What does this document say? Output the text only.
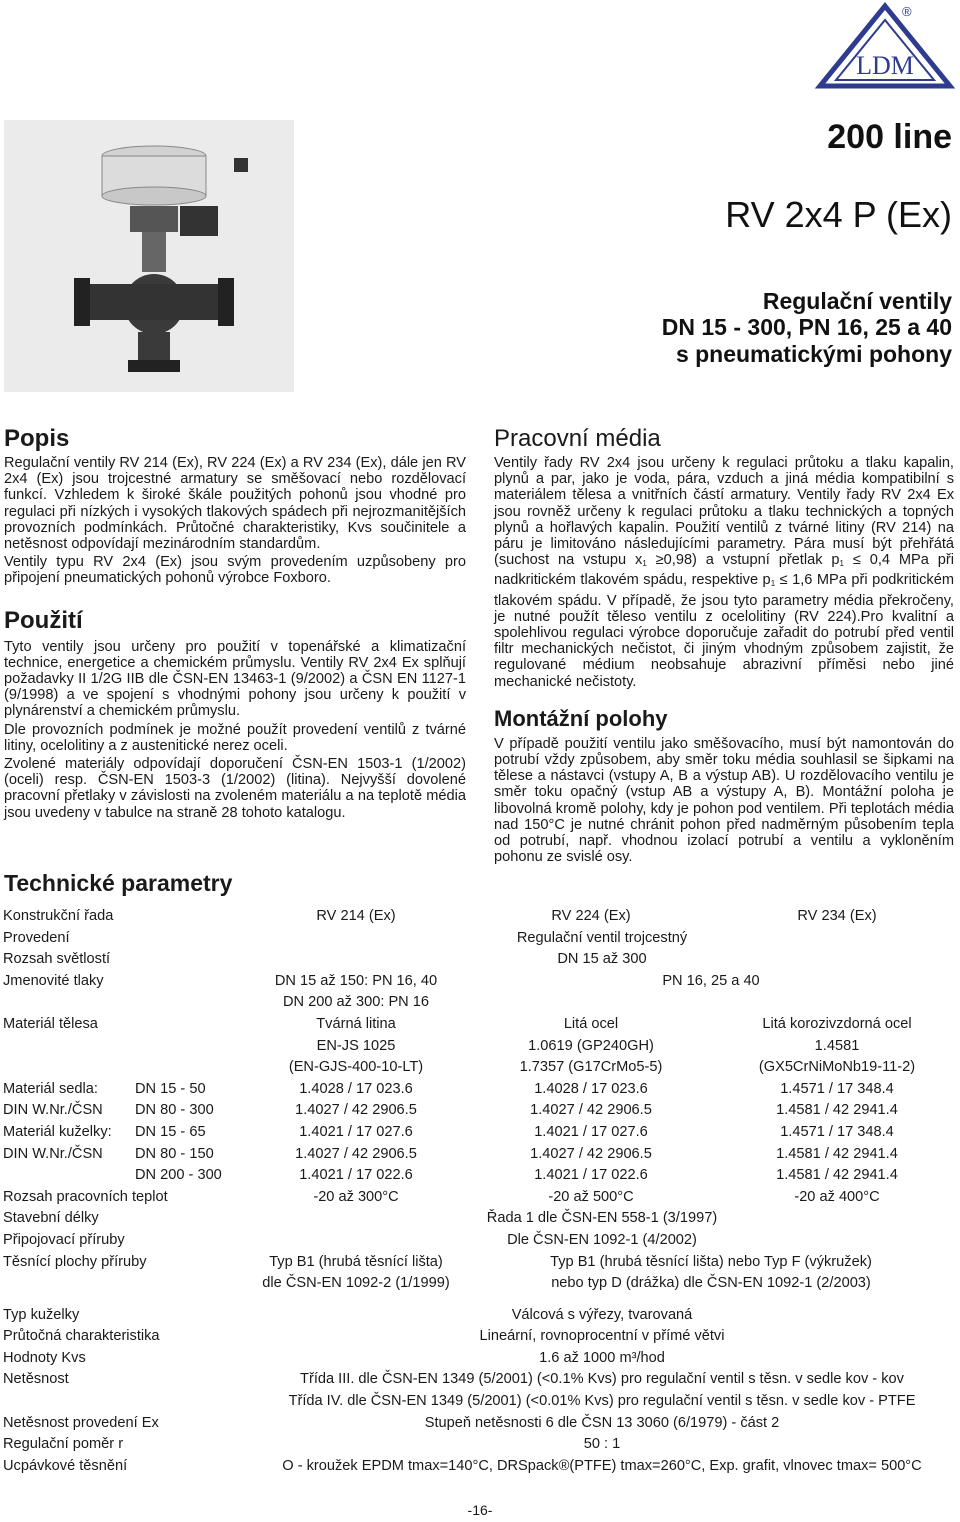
LDM
®
200 line
RV 2x4 P (Ex)
Regulační ventily
DN 15 - 300, PN 16, 25 a 40
s pneumatickými pohony
Popis

Regulační ventily RV 214 (Ex), RV 224 (Ex) a RV 234 (Ex), dále jen RV 2x4 (Ex) jsou trojcestné armatury se směšovací nebo rozdělovací funkcí. Vzhledem k široké škále použitých pohonů jsou vhodné pro regulaci při nízkých i vysokých tlakových spádech při nejrozmanitějších provozních podmínkách. Průtočné charakteristiky, Kvs součinitele a netěsnost odpovídají mezinárodním standardům.

Ventily typu RV 2x4 (Ex) jsou svým provedením uzpůsobeny pro připojení pneumatických pohonů výrobce Foxboro.

Použití

Tyto ventily jsou určeny pro použití v topenářské a klimatizační technice, energetice a chemickém průmyslu. Ventily RV 2x4 Ex splňují požadavky II 1/2G IIB dle ČSN-EN 13463-1 (9/2002) a ČSN EN 1127-1 (9/1998) a ve spojení s vhodnými pohony jsou určeny k použití v plynárenství a chemickém průmyslu.

Dle provozních podmínek je možné použít provedení ventilů z tvárné litiny, ocelolitiny a z austenitické nerez oceli.

Zvolené materiály odpovídají doporučení ČSN-EN 1503-1 (1/2002) (oceli) resp. ČSN-EN 1503-3 (1/2002) (litina). Nejvyšší dovolené pracovní přetlaky v závislosti na zvoleném materiálu a na teplotě média jsou uvedeny v tabulce na straně 28 tohoto katalogu.

Pracovní média

Ventily řady RV 2x4 jsou určeny k regulaci průtoku a tlaku kapalin, plynů a par, jako je voda, pára, vzduch a jiná média kompatibilní s materiálem tělesa a vnitřních částí armatury. Ventily řady RV 2x4 Ex jsou rovněž určeny k regulaci průtoku a tlaku technických a topných plynů a hořlavých kapalin. Použití ventilů z tvárné litiny (RV 214) na páru je limitováno následujícími parametry. Pára musí být přehřátá (suchost na vstupu $x_1 \ge 0,98$) a vstupní přetlak $p_1 \le 0,4$ MPa při nadkritickém tlakovém spádu, respektive $p_1 \le 1,6$ MPa při podkritickém tlakovém spádu. V případě, že jsou tyto parametry média překročeny, je nutné použít těleso ventilu z ocelolitiny (RV 224).Pro kvalitní a spolehlivou regulaci výrobce doporučuje zařadit do potrubí před ventil filtr mechanických nečistot, či jiným vhodným způsobem zajistit, že regulované médium neobsahuje abrazivní příměsi nebo jiné mechanické nečistoty.

Montážní polohy

V případě použití ventilu jako směšovacího, musí být namontován do potrubí vždy způsobem, aby směr toku média souhlasil se šipkami na tělese a nástavci (vstupy A, B a výstup AB). U rozdělovacího ventilu je směr toku opačný (vstup AB a výstupy A, B). Montážní poloha je libovolná kromě polohy, kdy je pohon pod ventilem. Při teplotách média nad 150°C je nutné chránit pohon před nadměrným působením tepla od potrubí, např. vhodnou izolací potrubí a ventilu a vykloněním pohonu ze svislé osy.

Technické parametry
Konstrukční řada		RV 214 (Ex)	RV 224 (Ex)	RV 234 (Ex)
Provedení		Regulační ventil trojcestný		
Rozsah světlostí		DN 15 až 300		
Jmenovité tlaky		DN 15 až 150: PN 16, 40	PN 16, 25 a 40	
		DN 200 až 300: PN 16		
Materiál tělesa		Tvárná litina	Litá ocel	Litá korozivzdorná ocel
		EN-JS 1025	1.0619 (GP240GH)	1.4581
		(EN-GJS-400-10-LT)	1.7357 (G17CrMo5-5)	(GX5CrNiMoNb19-11-2)
Materiál sedla:	DN 15 - 50	1.4028 / 17 023.6	1.4028 / 17 023.6	1.4571 / 17 348.4
DIN W.Nr./ČSN	DN 80 - 300	1.4027 / 42 2906.5	1.4027 / 42 2906.5	1.4581 / 42 2941.4
Materiál kuželky:	DN 15 - 65	1.4021 / 17 027.6	1.4021 / 17 027.6	1.4571 / 17 348.4
DIN W.Nr./ČSN	DN 80 - 150	1.4027 / 42 2906.5	1.4027 / 42 2906.5	1.4581 / 42 2941.4
	DN 200 - 300	1.4021 / 17 022.6	1.4021 / 17 022.6	1.4581 / 42 2941.4
Rozsah pracovních teplot		-20 až 300°C	-20 až 500°C	-20 až 400°C
Stavební délky		Řada 1 dle ČSN-EN 558-1 (3/1997)		
Připojovací příruby		Dle ČSN-EN 1092-1 (4/2002)		
Těsnící plochy příruby		Typ B1 (hrubá těsnící lišta)	Typ B1 (hrubá těsnící lišta) nebo Typ F (výkružek)	
		dle ČSN-EN 1092-2 (1/1999)	nebo typ D (drážka) dle ČSN-EN 1092-1 (2/2003)	

Typ kuželky		Válcová s výřezy, tvarovaná		
Průtočná charakteristika		Lineární, rovnoprocentní v přímé větvi		
Hodnoty Kvs		1.6 až 1000 m³/hod		
Netěsnost		Třída III. dle ČSN-EN 1349 (5/2001) (<0.1% Kvs) pro regulační ventil s těsn. v sedle kov - kov		
		Třída IV. dle ČSN-EN 1349 (5/2001) (<0.01% Kvs) pro regulační ventil s těsn. v sedle kov - PTFE		
Netěsnost provedení Ex		Stupeň netěsnosti 6 dle ČSN 13 3060 (6/1979) - část 2		
Regulační poměr r		50 : 1		
Ucpávkové těsnění		O - kroužek EPDM tmax=140°C, DRSpack®(PTFE) tmax=260°C, Exp. grafit, vlnovec tmax= 500°C		
-16-
